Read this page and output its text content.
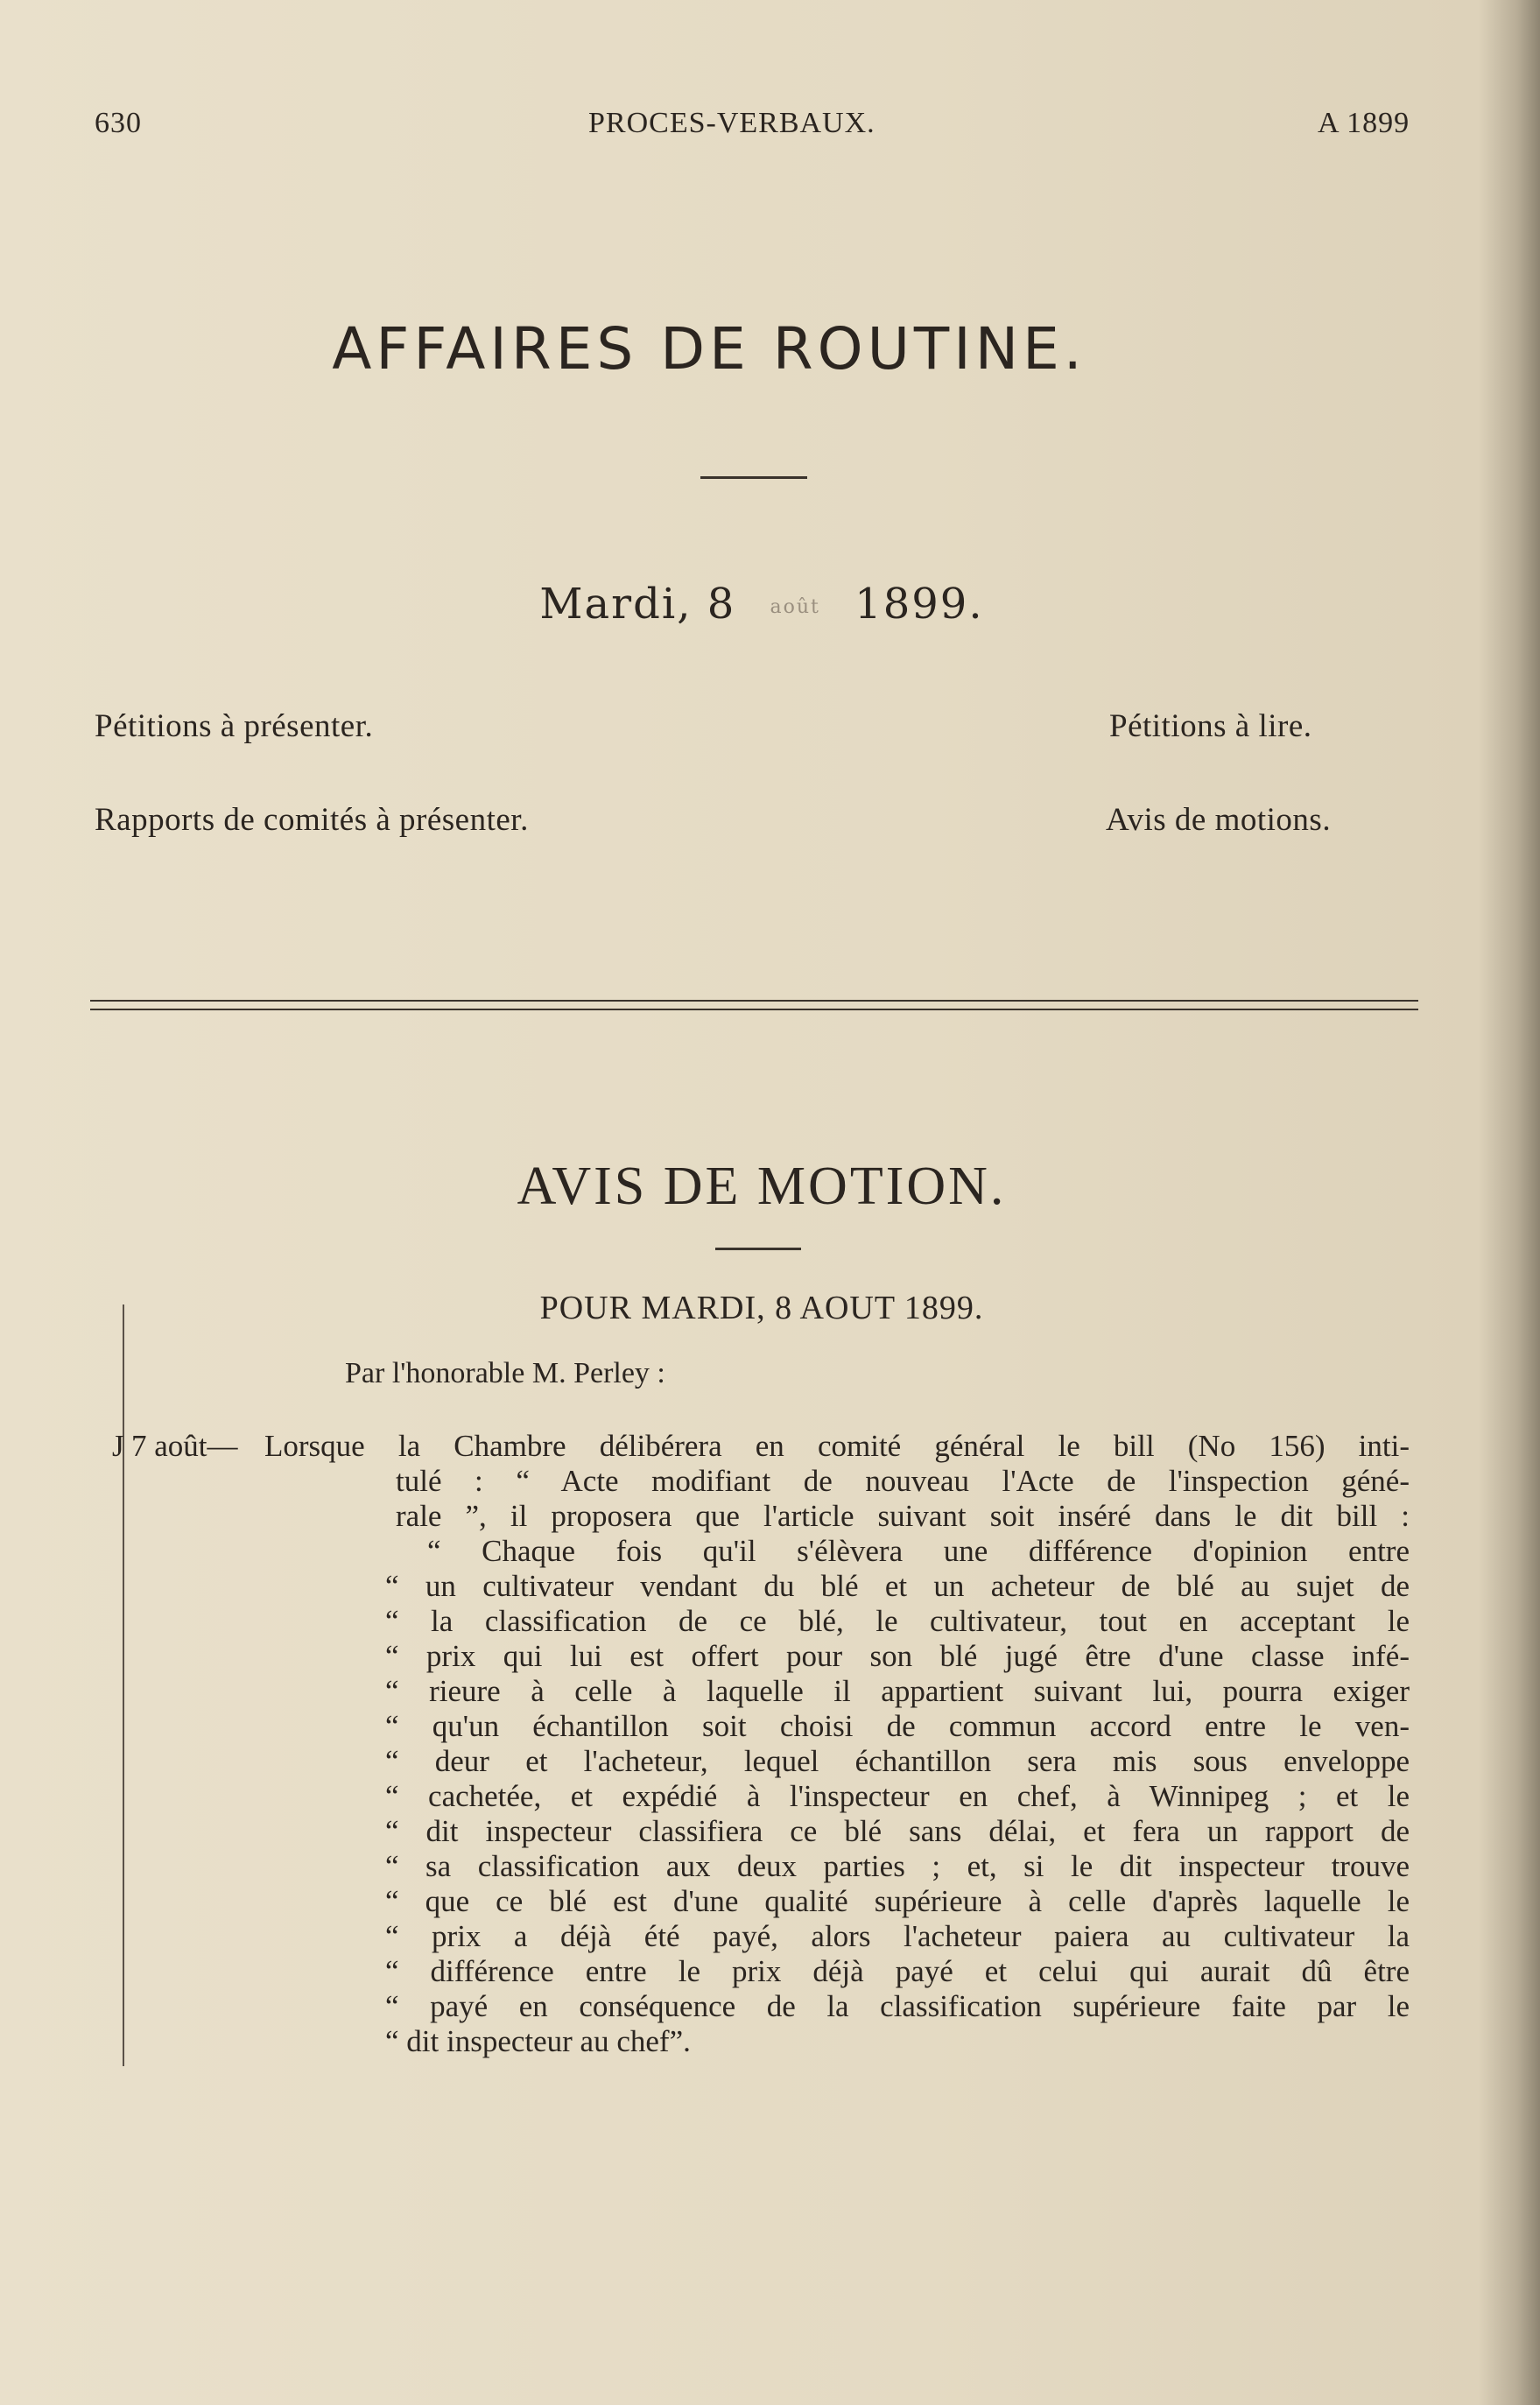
630	PROCES-VERBAUX.	A 1899
AFFAIRES DE ROUTINE.
Mardi, 8 août 1899.
Pétitions à présenter.	Pétitions à lire.
Rapports de comités à présenter.	Avis de motions.
AVIS DE MOTION.
POUR MARDI, 8 AOUT 1899.
Par l'honorable M. Perley :
J 7 août— Lorsque la Chambre délibérera en comité général le bill (No 156) inti-
tulé : “ Acte modifiant de nouveau l'Acte de l'inspection géné-
rale ”, il proposera que l'article suivant soit inséré dans le dit bill :
“ Chaque fois qu'il s'élèvera une différence d'opinion entre
“ un cultivateur vendant du blé et un acheteur de blé au sujet de
“ la classification de ce blé, le cultivateur, tout en acceptant le
“ prix qui lui est offert pour son blé jugé être d'une classe infé-
“ rieure à celle à laquelle il appartient suivant lui, pourra exiger
“ qu'un échantillon soit choisi de commun accord entre le ven-
“ deur et l'acheteur, lequel échantillon sera mis sous enveloppe
“ cachetée, et expédié à l'inspecteur en chef, à Winnipeg ; et le
“ dit inspecteur classifiera ce blé sans délai, et fera un rapport de
“ sa classification aux deux parties ; et, si le dit inspecteur trouve
“ que ce blé est d'une qualité supérieure à celle d'après laquelle le
“ prix a déjà été payé, alors l'acheteur paiera au cultivateur la
“ différence entre le prix déjà payé et celui qui aurait dû être
“ payé en conséquence de la classification supérieure faite par le
“ dit inspecteur au chef”.
